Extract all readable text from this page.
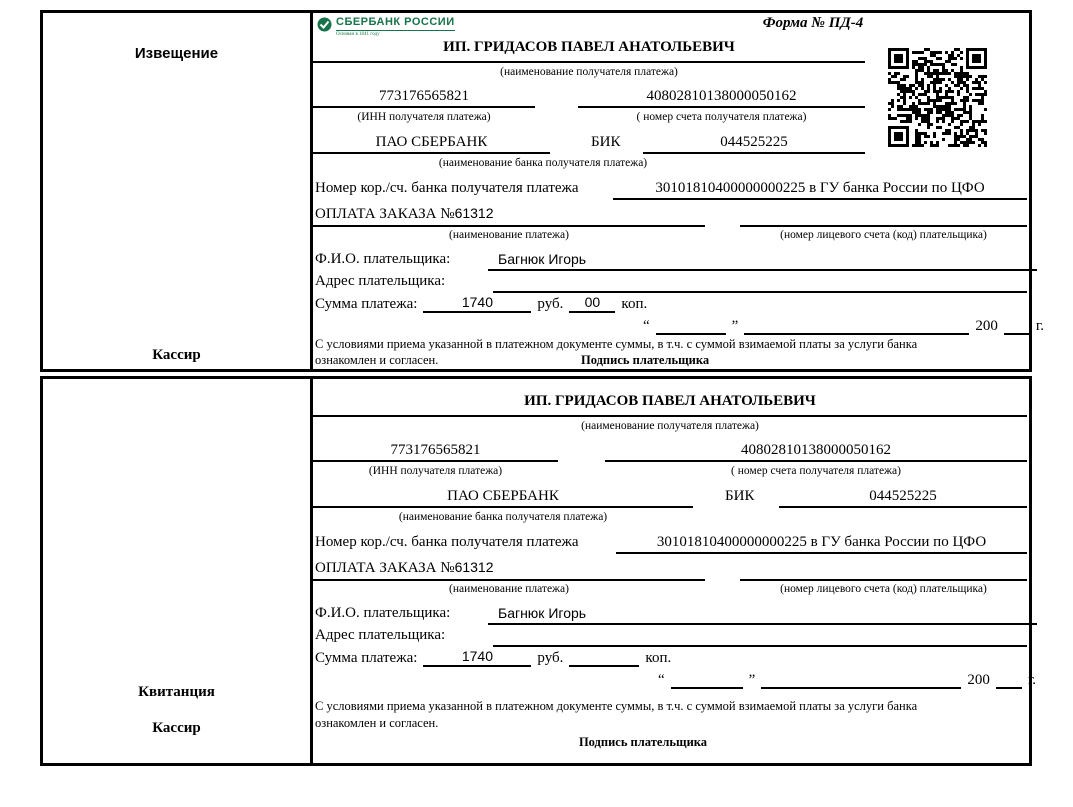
Извещение
Кассир
СБЕРБАНК РОССИИ
Основан в 1841 году
Форма № ПД-4
ИП. ГРИДАСОВ ПАВЕЛ АНАТОЛЬЕВИЧ
(наименование получателя платежа)
773176565821	40802810138000050162
(ИНН получателя платежа)	( номер счета получателя платежа)
ПАО СБЕРБАНК	БИК	044525225
(наименование банка получателя платежа)
Номер кор./сч. банка получателя платежа	30101810400000000225 в ГУ банка России по ЦФО
ОПЛАТА ЗАКАЗА №61312
(наименование платежа)	(номер лицевого счета (код) плательщика)
Ф.И.О. плательщика:	Багнюк Игорь
Адрес плательщика:
Сумма платежа:	1740	руб.	00	коп.
“	”	200	г.
С условиями приема указанной в платежном документе суммы, в т.ч. с суммой взимаемой платы за услуги банка
ознакомлен и согласен.	Подпись плательщика
Квитанция
Кассир
ИП. ГРИДАСОВ ПАВЕЛ АНАТОЛЬЕВИЧ
(наименование получателя платежа)
773176565821	40802810138000050162
(ИНН получателя платежа)	( номер счета получателя платежа)
ПАО СБЕРБАНК	БИК	044525225
(наименование банка получателя платежа)
Номер кор./сч. банка получателя платежа	30101810400000000225 в ГУ банка России по ЦФО
ОПЛАТА ЗАКАЗА №61312
(наименование платежа)	(номер лицевого счета (код) плательщика)
Ф.И.О. плательщика:	Багнюк Игорь
Адрес плательщика:
Сумма платежа:	1740	руб.	коп.
“	”	200	г.
С условиями приема указанной в платежном документе суммы, в т.ч. с суммой взимаемой платы за услуги банка
ознакомлен и согласен.
Подпись плательщика
